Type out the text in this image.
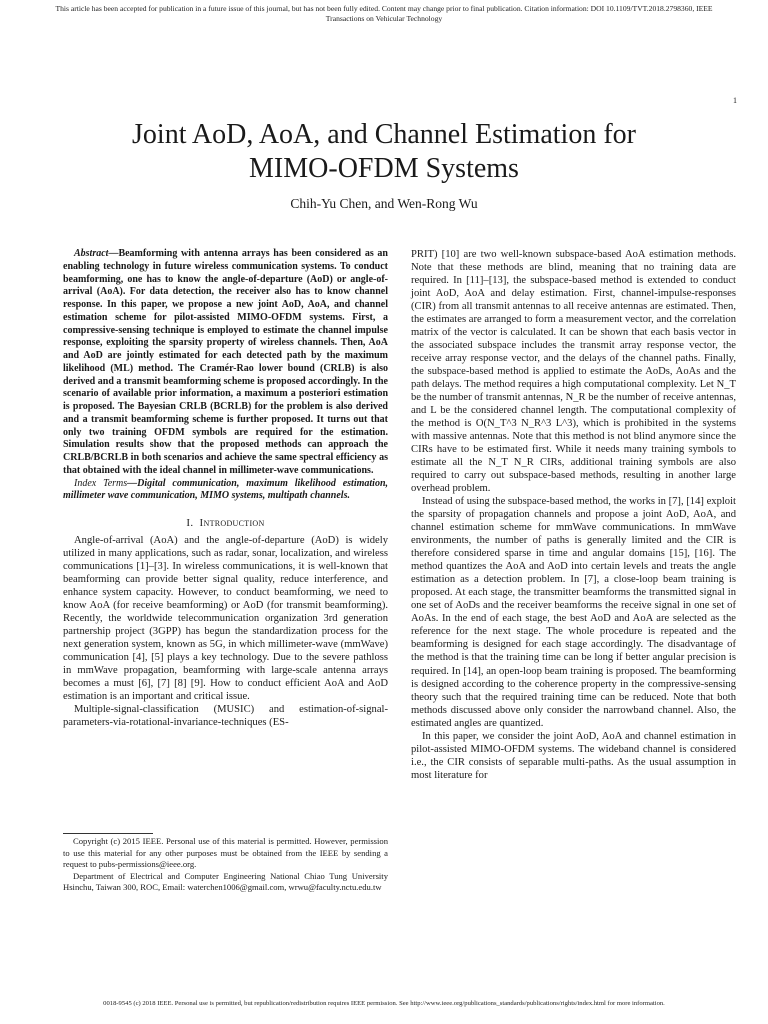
This article has been accepted for publication in a future issue of this journal, but has not been fully edited. Content may change prior to final publication. Citation information: DOI 10.1109/TVT.2018.2798360, IEEE
Transactions on Vehicular Technology
1
Joint AoD, AoA, and Channel Estimation for
MIMO-OFDM Systems
Chih-Yu Chen, and Wen-Rong Wu

Abstract—Beamforming with antenna arrays has been considered as an enabling technology in future wireless communication systems. To conduct beamforming, one has to know the angle-of-departure (AoD) or angle-of-arrival (AoA). For data detection, the receiver also has to know channel response. In this paper, we propose a new joint AoD, AoA, and channel estimation scheme for pilot-assisted MIMO-OFDM systems. First, a compressive-sensing technique is employed to estimate the channel impulse response, exploiting the sparsity property of wireless channels. Then, AoA and AoD are jointly estimated for each detected path by the maximum likelihood (ML) method. The Cramér-Rao lower bound (CRLB) is also derived and a transmit beamforming scheme is proposed accordingly. In the scenario of available prior information, a maximum a posteriori estimation is proposed. The Bayesian CRLB (BCRLB) for the problem is also derived and a transmit beamforming scheme is further proposed. It turns out that only two training OFDM symbols are required for the estimation. Simulation results show that the proposed methods can approach the CRLB/BCRLB in both scenarios and achieve the same spectral efficiency as that obtained with the ideal channel in millimeter-wave communications.

Index Terms—Digital communication, maximum likelihood estimation, millimeter wave communication, MIMO systems, multipath channels.

I. Introduction

Angle-of-arrival (AoA) and the angle-of-departure (AoD) is widely utilized in many applications, such as radar, sonar, localization, and wireless communications [1]–[3]. In wireless communications, it is well-known that beamforming can provide better signal quality, reduce interference, and enhance system capacity. However, to conduct beamforming, we need to know AoA (for receive beamforming) or AoD (for transmit beamforming). Recently, the worldwide telecommunication organization 3rd generation partnership project (3GPP) has begun the standardization process for the next generation system, known as 5G, in which millimeter-wave (mmWave) communication [4], [5] plays a key technology. Due to the severe pathloss in mmWave propagation, beamforming with large-scale antenna arrays becomes a must [6], [7] [8] [9]. How to conduct efficient AoA and AoD estimation is an important and critical issue.

Multiple-signal-classification (MUSIC) and estimation-of-signal-parameters-via-rotational-invariance-techniques (ES-

PRIT) [10] are two well-known subspace-based AoA estimation methods. Note that these methods are blind, meaning that no training data are required. In [11]–[13], the subspace-based method is extended to conduct joint AoD, AoA and delay estimation. First, channel-impulse-responses (CIR) from all transmit antennas to all receive antennas are estimated. Then, the estimates are arranged to form a measurement vector, and the correlation matrix of the vector is calculated. It can be shown that each basis vector in the associated subspace includes the transmit array response vector, the receive array response vector, and the delays of the channel paths. Finally, the subspace-based method is applied to estimate the AoDs, AoAs and the path delays. The method requires a high computational complexity. Let N_T be the number of transmit antennas, N_R be the number of receive antennas, and L be the considered channel length. The computational complexity of the method is O(N_T^3 N_R^3 L^3), which is prohibited in the systems with massive antennas. Note that this method is not blind anymore since the CIRs have to be estimated first. While it needs many training symbols to estimate all the N_T N_R CIRs, additional training symbols are also required to carry out subspace-based methods, resulting in another large overhead problem.

Instead of using the subspace-based method, the works in [7], [14] exploit the sparsity of propagation channels and propose a joint AoD, AoA, and channel estimation scheme for mmWave communications. In mmWave environments, the number of paths is generally limited and the CIR is therefore considered sparse in time and angular domains [15], [16]. The method quantizes the AoA and AoD into certain levels and treats the angle estimation as a detection problem. In [7], a close-loop beam training is proposed. At each stage, the transmitter beamforms the transmitted signal in one set of AoDs and the receiver beamforms the receive signal in one set of AoAs. In the end of each stage, the best AoD and AoA are selected as the reference for the next stage. The whole procedure is repeated and the beamforming is designed for each stage accordingly. The disadvantage of the method is that the training time can be long if better angular precision is required. In [14], an open-loop beam training is proposed. The beamforming is designed according to the coherence property in the compressive-sensing theory such that the required training time can be reduced. Note that both methods discussed above only consider the narrowband channel. Also, the estimated angles are quantized.

In this paper, we consider the joint AoD, AoA and channel estimation in pilot-assisted MIMO-OFDM systems. The wideband channel is considered i.e., the CIR consists of separable multi-paths. As the usual assumption in most literature for

Copyright (c) 2015 IEEE. Personal use of this material is permitted. However, permission to use this material for any other purposes must be obtained from the IEEE by sending a request to pubs-permissions@ieee.org.

Department of Electrical and Computer Engineering National Chiao Tung University Hsinchu, Taiwan 300, ROC, Email: waterchen1006@gmail.com, wrwu@faculty.nctu.edu.tw

0018-9545 (c) 2018 IEEE. Personal use is permitted, but republication/redistribution requires IEEE permission. See http://www.ieee.org/publications_standards/publications/rights/index.html for more information.
